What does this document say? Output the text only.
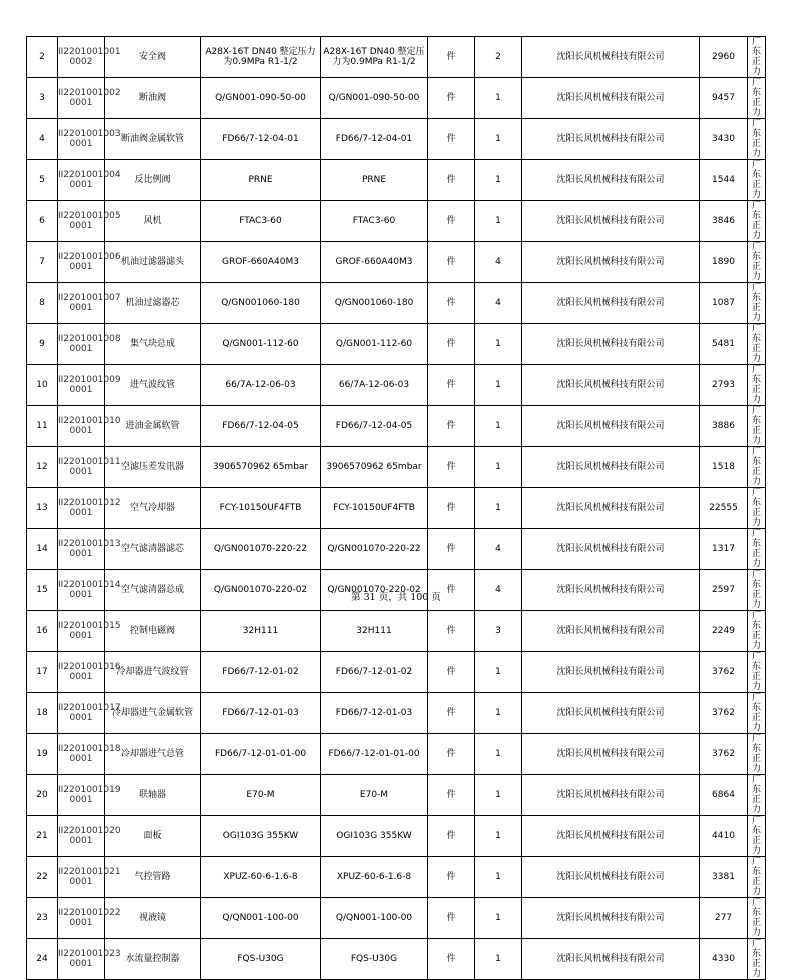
2	II2201001001 0002	安全阀	A28X-16T DN40 整定压力为0.9MPa R1-1/2	A28X-16T DN40 整定压力为0.9MPa R1-1/2	件	2	沈阳长风机械科技有限公司	2960	广东正力
3	II2201001002 0001	断油阀	Q/GN001-090-50-00	Q/GN001-090-50-00	件	1	沈阳长风机械科技有限公司	9457	广东正力
4	II2201001003 0001	断油阀金属软管	FD66/7-12-04-01	FD66/7-12-04-01	件	1	沈阳长风机械科技有限公司	3430	广东正力
5	II2201001004 0001	反比例阀	PRNE	PRNE	件	1	沈阳长风机械科技有限公司	1544	广东正力
6	II2201001005 0001	风机	FTAC3-60	FTAC3-60	件	1	沈阳长风机械科技有限公司	3846	广东正力
7	II2201001006 0001	机油过滤器滤头	GROF-660A40M3	GROF-660A40M3	件	4	沈阳长风机械科技有限公司	1890	广东正力
8	II2201001007 0001	机油过滤器芯	Q/GN001060-180	Q/GN001060-180	件	4	沈阳长风机械科技有限公司	1087	广东正力
9	II2201001008 0001	集气块总成	Q/GN001-112-60	Q/GN001-112-60	件	1	沈阳长风机械科技有限公司	5481	广东正力
10	II2201001009 0001	进气波纹管	66/7A-12-06-03	66/7A-12-06-03	件	1	沈阳长风机械科技有限公司	2793	广东正力
11	II2201001010 0001	进油金属软管	FD66/7-12-04-05	FD66/7-12-04-05	件	1	沈阳长风机械科技有限公司	3886	广东正力
12	II2201001011 0001	空滤压差发讯器	3906570962 65mbar	3906570962 65mbar	件	1	沈阳长风机械科技有限公司	1518	广东正力
13	II2201001012 0001	空气冷却器	FCY-10150UF4FTB	FCY-10150UF4FTB	件	1	沈阳长风机械科技有限公司	22555	广东正力
14	II2201001013 0001	空气滤清器滤芯	Q/GN001070-220-22	Q/GN001070-220-22	件	4	沈阳长风机械科技有限公司	1317	广东正力
15	II2201001014 0001	空气滤清器总成	Q/GN001070-220-02	Q/GN001070-220-02	件	4	沈阳长风机械科技有限公司	2597	广东正力
16	II2201001015 0001	控制电磁阀	32H111	32H111	件	3	沈阳长风机械科技有限公司	2249	广东正力
17	II2201001016 0001	冷却器进气波纹管	FD66/7-12-01-02	FD66/7-12-01-02	件	1	沈阳长风机械科技有限公司	3762	广东正力
18	II2201001017 0001	冷却器进气金属软管	FD66/7-12-01-03	FD66/7-12-01-03	件	1	沈阳长风机械科技有限公司	3762	广东正力
19	II2201001018 0001	冷却器进气总管	FD66/7-12-01-01-00	FD66/7-12-01-01-00	件	1	沈阳长风机械科技有限公司	3762	广东正力
20	II2201001019 0001	联轴器	E70-M	E70-M	件	1	沈阳长风机械科技有限公司	6864	广东正力
21	II2201001020 0001	面板	OGI103G 355KW	OGI103G 355KW	件	1	沈阳长风机械科技有限公司	4410	广东正力
22	II2201001021 0001	气控管路	XPUZ-60-6-1.6-8	XPUZ-60-6-1.6-8	件	1	沈阳长风机械科技有限公司	3381	广东正力
23	II2201001022 0001	视液镜	Q/QN001-100-00	Q/QN001-100-00	件	1	沈阳长风机械科技有限公司	277	广东正力
24	II2201001023 0001	水流量控制器	FQS-U30G	FQS-U30G	件	1	沈阳长风机械科技有限公司	4330	广东正力
第 31 页，共 100 页
